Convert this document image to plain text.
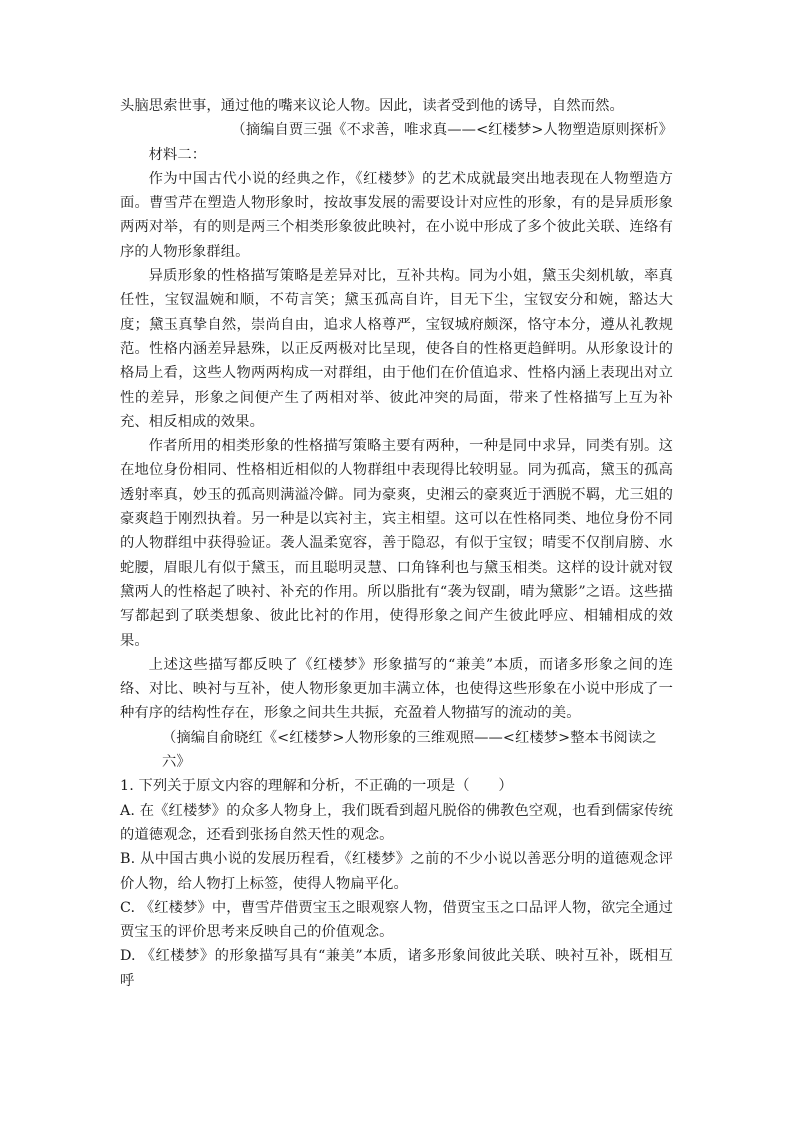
头脑思索世事，通过他的嘴来议论人物。因此，读者受到他的诱导，自然而然。

（摘编自贾三强《不求善，唯求真——<红楼梦>人物塑造原则探析》

材料二：

作为中国古代小说的经典之作，《红楼梦》的艺术成就最突出地表现在人物塑造方面。曹雪芹在塑造人物形象时，按故事发展的需要设计对应性的形象，有的是异质形象两两对举，有的则是两三个相类形象彼此映衬，在小说中形成了多个彼此关联、连络有序的人物形象群组。

异质形象的性格描写策略是差异对比，互补共构。同为小姐，黛玉尖刻机敏，率真任性，宝钗温婉和顺，不苟言笑；黛玉孤高自许，目无下尘，宝钗安分和婉，豁达大度；黛玉真挚自然，崇尚自由，追求人格尊严，宝钗城府颇深，恪守本分，遵从礼教规范。性格内涵差异悬殊，以正反两极对比呈现，使各自的性格更趋鲜明。从形象设计的格局上看，这些人物两两构成一对群组，由于他们在价值追求、性格内涵上表现出对立性的差异，形象之间便产生了两相对举、彼此冲突的局面，带来了性格描写上互为补充、相反相成的效果。

作者所用的相类形象的性格描写策略主要有两种，一种是同中求异，同类有别。这在地位身份相同、性格相近相似的人物群组中表现得比较明显。同为孤高，黛玉的孤高透射率真，妙玉的孤高则满溢冷僻。同为豪爽，史湘云的豪爽近于洒脱不羁，尤三姐的豪爽趋于刚烈执着。另一种是以宾衬主，宾主相望。这可以在性格同类、地位身份不同的人物群组中获得验证。袭人温柔宽容，善于隐忍，有似于宝钗；晴雯不仅削肩膀、水蛇腰，眉眼儿有似于黛玉，而且聪明灵慧、口角锋利也与黛玉相类。这样的设计就对钗黛两人的性格起了映衬、补充的作用。所以脂批有“袭为钗副，晴为黛影”之语。这些描写都起到了联类想象、彼此比衬的作用，使得形象之间产生彼此呼应、相辅相成的效果。

上述这些描写都反映了《红楼梦》形象描写的“兼美”本质，而诸多形象之间的连络、对比、映衬与互补，使人物形象更加丰满立体，也使得这些形象在小说中形成了一种有序的结构性存在，形象之间共生共振，充盈着人物描写的流动的美。

（摘编自俞晓红《<红楼梦>人物形象的三维观照——<红楼梦>整本书阅读之六》

1. 下列关于原文内容的理解和分析，不正确的一项是（　　）

A. 在《红楼梦》的众多人物身上，我们既看到超凡脱俗的佛教色空观，也看到儒家传统的道德观念，还看到张扬自然天性的观念。

B. 从中国古典小说的发展历程看，《红楼梦》之前的不少小说以善恶分明的道德观念评价人物，给人物打上标签，使得人物扁平化。

C. 《红楼梦》中，曹雪芹借贾宝玉之眼观察人物，借贾宝玉之口品评人物，欲完全通过贾宝玉的评价思考来反映自己的价值观念。

D. 《红楼梦》的形象描写具有“兼美”本质，诸多形象间彼此关联、映衬互补，既相互呼
